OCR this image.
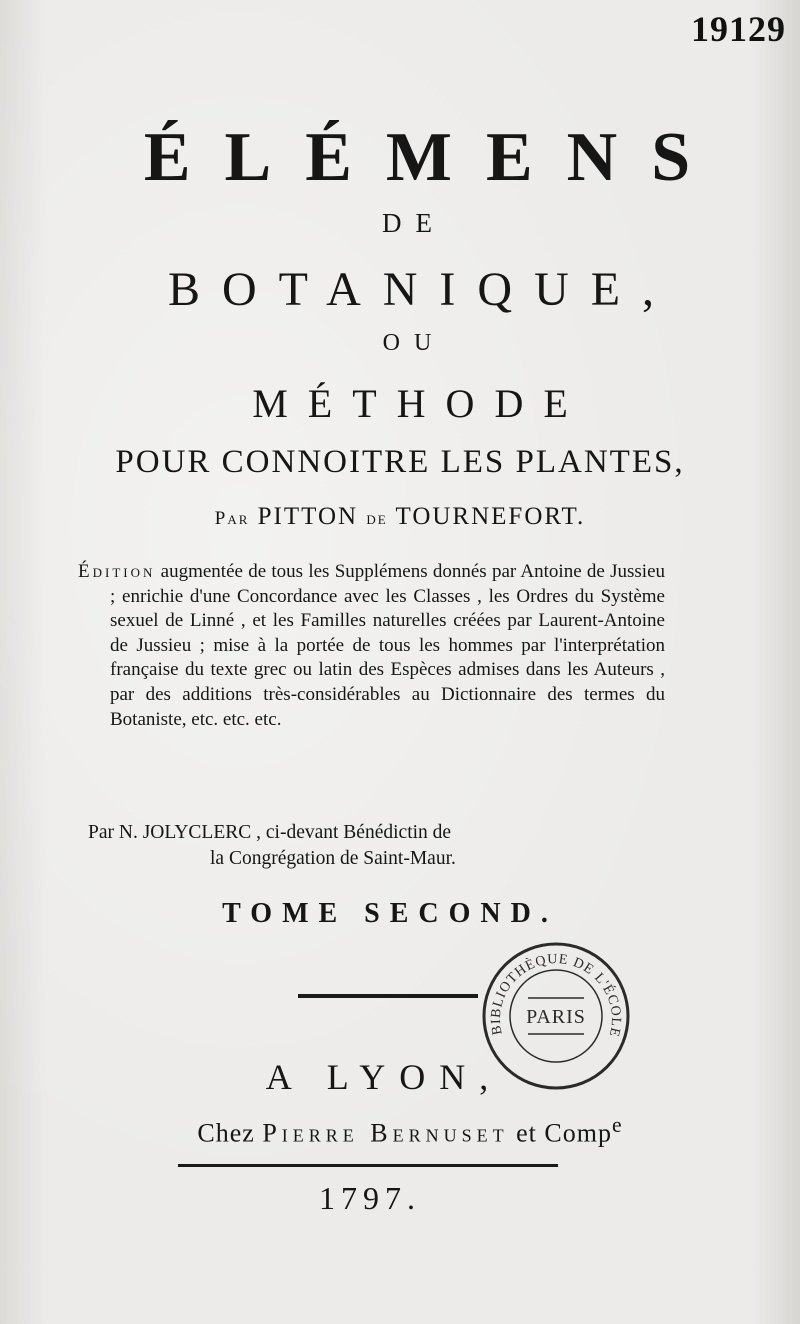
19129
ÉLÉMENS
DE
BOTANIQUE,
OU
MÉTHODE
POUR CONNOITRE LES PLANTES,
Par PITTON de TOURNEFORT.
Édition augmentée de tous les Supplémens donnés par Antoine de Jussieu ; enrichie d'une Concordance avec les Classes , les Ordres du Système sexuel de Linné , et les Familles naturelles créées par Laurent-Antoine de Jussieu ; mise à la portée de tous les hommes par l'interprétation française du texte grec ou latin des Espèces admises dans les Auteurs , par des additions très-considérables au Dictionnaire des termes du Botaniste, etc. etc. etc.
Par N. JOLYCLERC , ci-devant Bénédictin de
la Congrégation de Saint-Maur.
TOME SECOND.
BIBLIOTHÈQUE DE L'ÉCOLE
PARIS
A LYON,
Chez Pierre Bernuset et Comp$^e$
1797.
